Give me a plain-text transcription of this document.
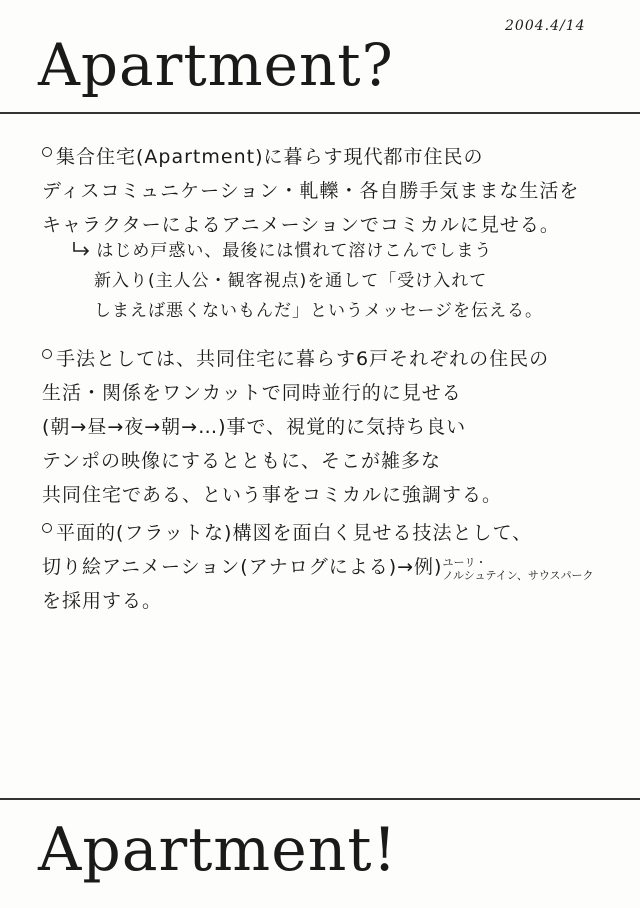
2004.4/14
Apartment?
集合住宅(Apartment)に暮らす現代都市住民の
ディスコミュニケーション・軋轢・各自勝手気ままな生活を
キャラクターによるアニメーションでコミカルに見せる。
はじめ戸惑い、最後には慣れて溶けこんでしまう
新入り(主人公・観客視点)を通して「受け入れて
しまえば悪くないもんだ」というメッセージを伝える。
手法としては、共同住宅に暮らす6戸それぞれの住民の
生活・関係をワンカットで同時並行的に見せる
(朝→昼→夜→朝→…)事で、視覚的に気持ち良い
テンポの映像にするとともに、そこが雑多な
共同住宅である、という事をコミカルに強調する。
平面的(フラットな)構図を面白く見せる技法として、
切り絵アニメーション(アナログによる)→例)ユーリ・
ノルシュテイン、サウスパーク
を採用する。
Apartment!
